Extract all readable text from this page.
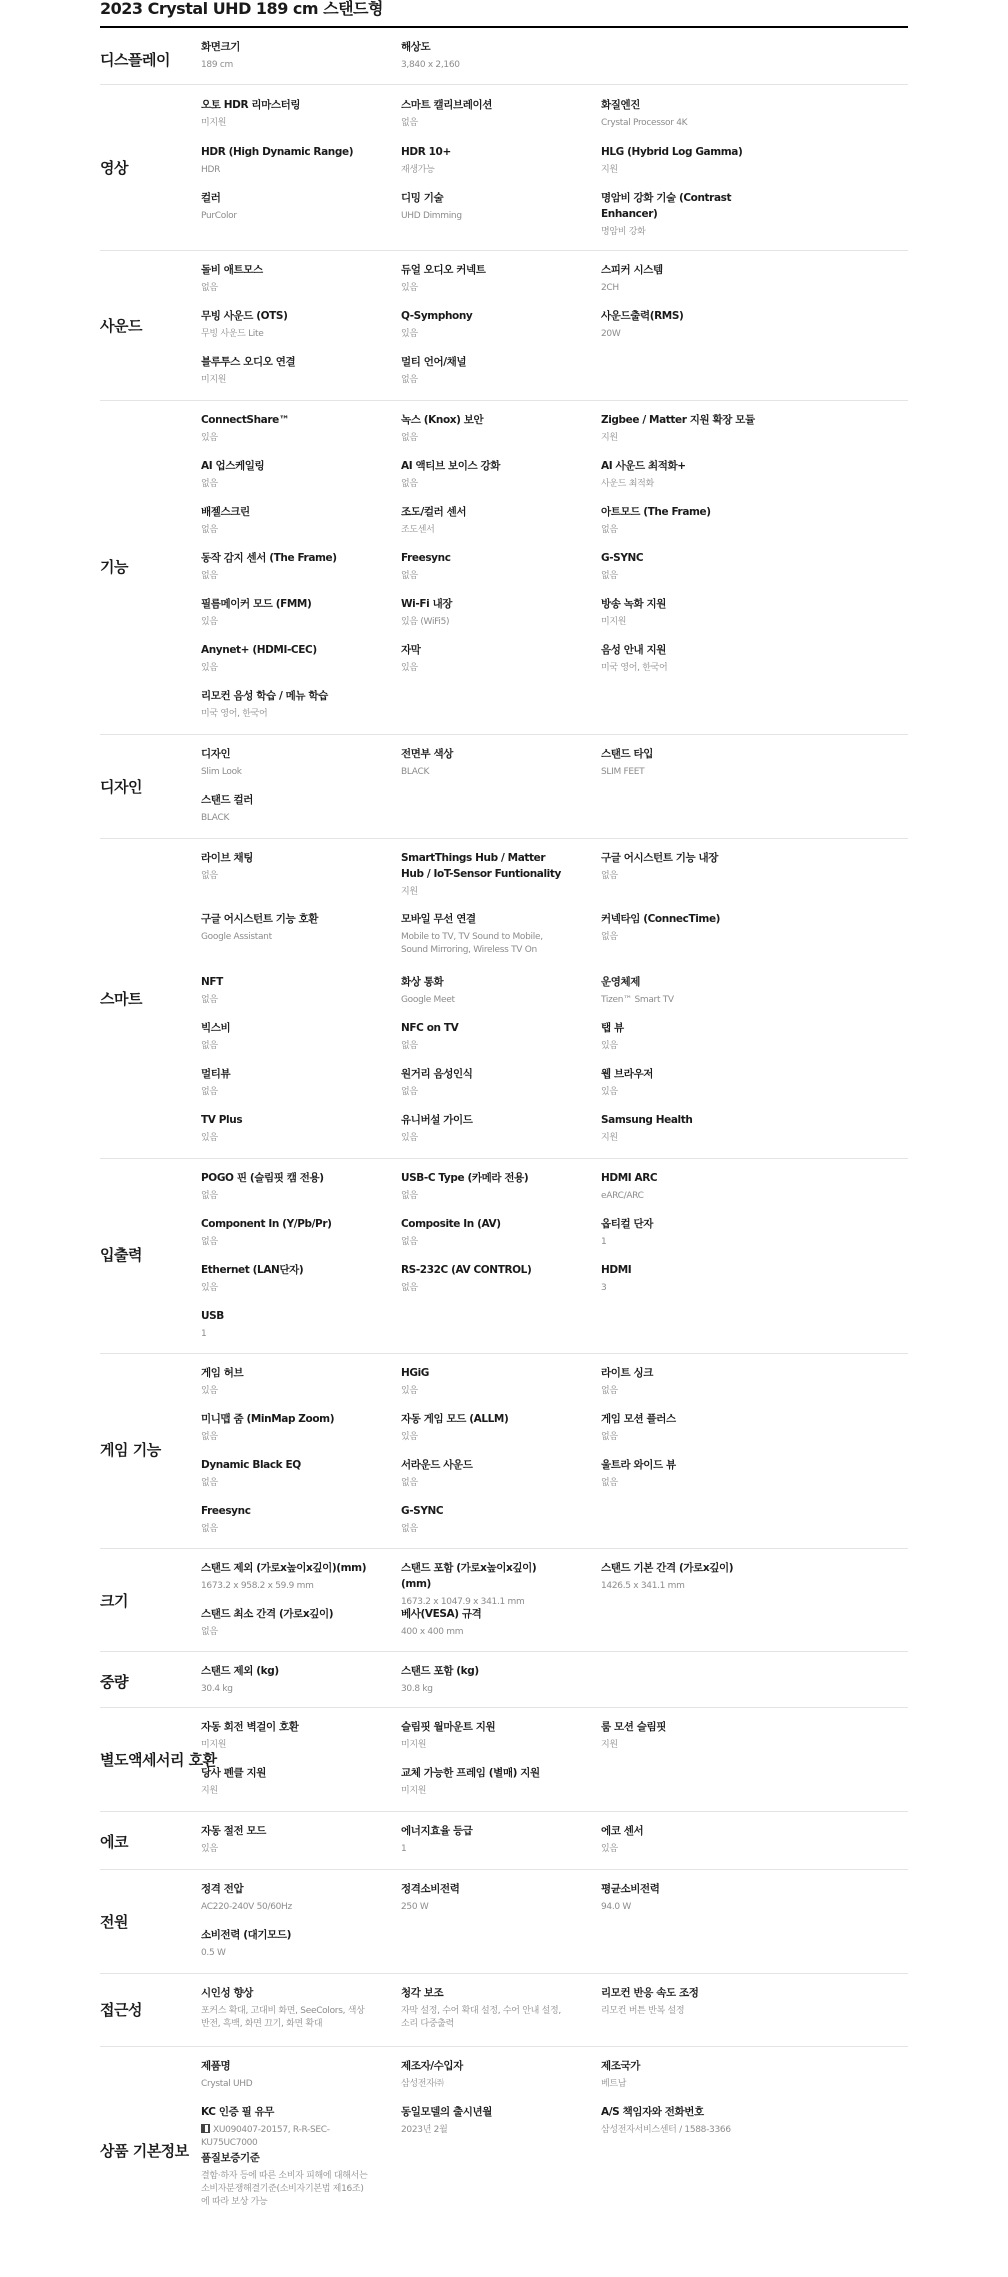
2023 Crystal UHD 189 cm 스탠드형
디스플레이
화면크기
189 cm
해상도
3,840 x 2,160
영상
오토 HDR 리마스터링
미지원
스마트 캘리브레이션
없음
화질엔진
Crystal Processor 4K
HDR (High Dynamic Range)
HDR
HDR 10+
재생가능
HLG (Hybrid Log Gamma)
지원
컬러
PurColor
디밍 기술
UHD Dimming
명암비 강화 기술 (Contrast Enhancer)
명암비 강화
사운드
돌비 애트모스
없음
듀얼 오디오 커넥트
있음
스피커 시스템
2CH
무빙 사운드 (OTS)
무빙 사운드 Lite
Q-Symphony
있음
사운드출력(RMS)
20W
블루투스 오디오 연결
미지원
멀티 언어/채널
없음
기능
ConnectShare™
있음
녹스 (Knox) 보안
없음
Zigbee / Matter 지원 확장 모듈
지원
AI 업스케일링
없음
AI 액티브 보이스 강화
없음
AI 사운드 최적화+
사운드 최적화
배젤스크린
없음
조도/컬러 센서
조도센서
아트모드 (The Frame)
없음
동작 감지 센서 (The Frame)
없음
Freesync
없음
G-SYNC
없음
필름메이커 모드 (FMM)
있음
Wi-Fi 내장
있음 (WiFi5)
방송 녹화 지원
미지원
Anynet+ (HDMI-CEC)
있음
자막
있음
음성 안내 지원
미국 영어, 한국어
리모컨 음성 학습 / 메뉴 학습
미국 영어, 한국어
디자인
디자인
Slim Look
전면부 색상
BLACK
스탠드 타입
SLIM FEET
스탠드 컬러
BLACK
스마트
라이브 채팅
없음
SmartThings Hub / Matter Hub / IoT-Sensor Funtionality
지원
구글 어시스턴트 기능 내장
없음
구글 어시스턴트 기능 호환
Google Assistant
모바일 무선 연결
Mobile to TV, TV Sound to Mobile, Sound Mirroring, Wireless TV On
커넥타임 (ConnecTime)
없음
NFT
없음
화상 통화
Google Meet
운영체제
Tizen™ Smart TV
빅스비
없음
NFC on TV
없음
탭 뷰
있음
멀티뷰
없음
원거리 음성인식
없음
웹 브라우저
있음
TV Plus
있음
유니버설 가이드
있음
Samsung Health
지원
입출력
POGO 핀 (슬림핏 캠 전용)
없음
USB-C Type (카메라 전용)
없음
HDMI ARC
eARC/ARC
Component In (Y/Pb/Pr)
없음
Composite In (AV)
없음
옵티컬 단자
1
Ethernet (LAN단자)
있음
RS-232C (AV CONTROL)
없음
HDMI
3
USB
1
게임 기능
게임 허브
있음
HGiG
있음
라이트 싱크
없음
미니맵 줌 (MinMap Zoom)
없음
자동 게임 모드 (ALLM)
있음
게임 모션 플러스
없음
Dynamic Black EQ
없음
서라운드 사운드
없음
울트라 와이드 뷰
없음
Freesync
없음
G-SYNC
없음
크기
스탠드 제외 (가로x높이x깊이)(mm)
1673.2 x 958.2 x 59.9 mm
스탠드 포함 (가로x높이x깊이) (mm)
1673.2 x 1047.9 x 341.1 mm
스탠드 기본 간격 (가로x깊이)
1426.5 x 341.1 mm
스탠드 최소 간격 (가로x깊이)
없음
베사(VESA) 규격
400 x 400 mm
중량
스탠드 제외 (kg)
30.4 kg
스탠드 포함 (kg)
30.8 kg
별도액세서리 호환
자동 회전 벽걸이 호환
미지원
슬림핏 월마운트 지원
미지원
룸 모션 슬림핏
지원
당사 펜클 지원
지원
교체 가능한 프레임 (별매) 지원
미지원
에코
자동 절전 모드
있음
에너지효율 등급
1
에코 센서
있음
전원
정격 전압
AC220-240V 50/60Hz
정격소비전력
250 W
평균소비전력
94.0 W
소비전력 (대기모드)
0.5 W
접근성
시인성 향상
포커스 확대, 고대비 화면, SeeColors, 색상 반전, 흑백, 화면 끄기, 화면 확대
청각 보조
자막 설정, 수어 확대 설정, 수어 안내 설정, 소리 다중출력
리모컨 반응 속도 조정
리모컨 버튼 반복 설정
상품 기본정보
제품명
Crystal UHD
제조자/수입자
삼성전자㈜
제조국가
베트남
KC 인증 필 유무
XU090407-20157, R-R-SEC-KU75UC7000
동일모델의 출시년월
2023년 2월
A/S 책임자와 전화번호
삼성전자서비스센터 / 1588-3366
품질보증기준
결함·하자 등에 따른 소비자 피해에 대해서는 소비자분쟁해결기준(소비자기본법 제16조)에 따라 보상 가능
